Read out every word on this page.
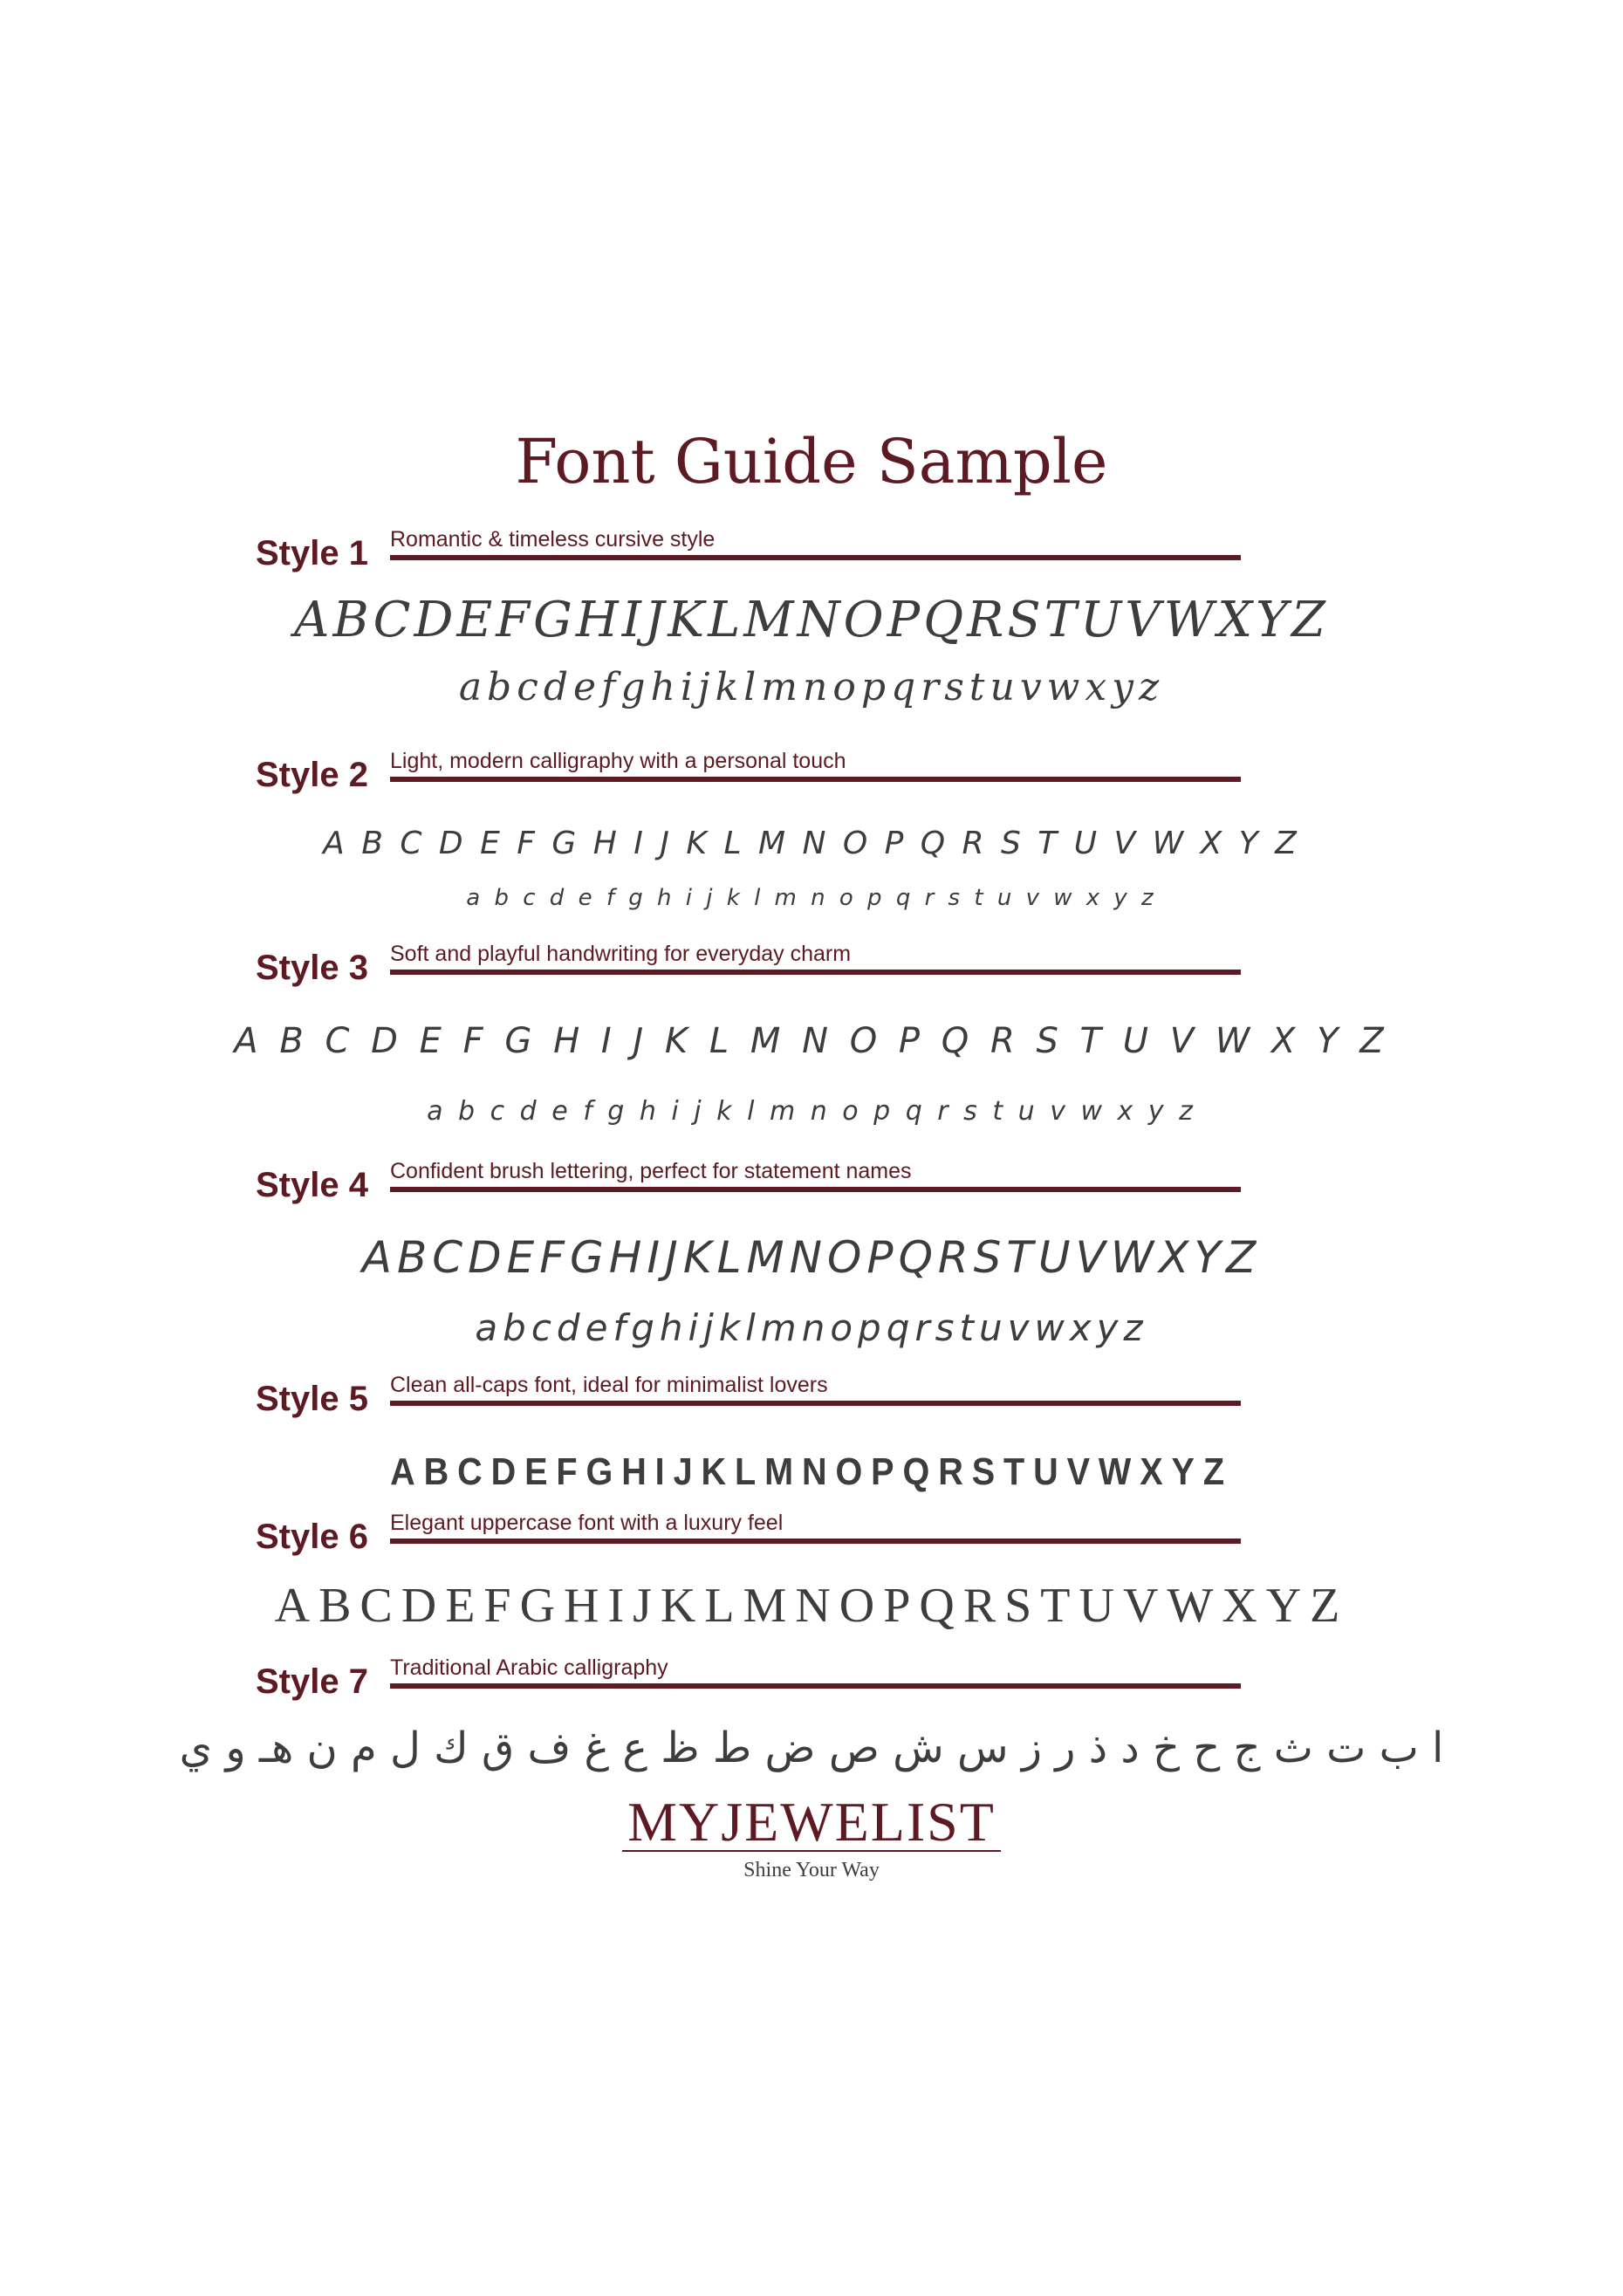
Font Guide Sample
Style 1 Romantic & timeless cursive style
ABCDEFGHIJKLMNOPQRSTUVWXYZ
abcdefghijklmnopqrstuvwxyz
Style 2 Light, modern calligraphy with a personal touch
A B C D E F G H I J K L M N O P Q R S T U V W X Y Z
a b c d e f g h i j k l m n o p q r s t u v w x y z
Style 3 Soft and playful handwriting for everyday charm
A B C D E F G H I J K L M N O P Q R S T U V W X Y Z
a b c d e f g h i j k l m n o p q r s t u v w x y z
Style 4 Confident brush lettering, perfect for statement names
ABCDEFGHIJKLMNOPQRSTUVWXYZ
abcdefghijklmnopqrstuvwxyz
Style 5 Clean all-caps font, ideal for minimalist lovers
ABCDEFGHIJKLMNOPQRSTUVWXYZ
Style 6 Elegant uppercase font with a luxury feel
ABCDEFGHIJKLMNOPQRSTUVWXYZ
Style 7 Traditional Arabic calligraphy
ا ب ت ث ج ح خ د ذ ر ز س ش ص ض ط ظ ع غ ف ق ك ل م ن هـ و ي
MYJEWELIST
Shine Your Way
